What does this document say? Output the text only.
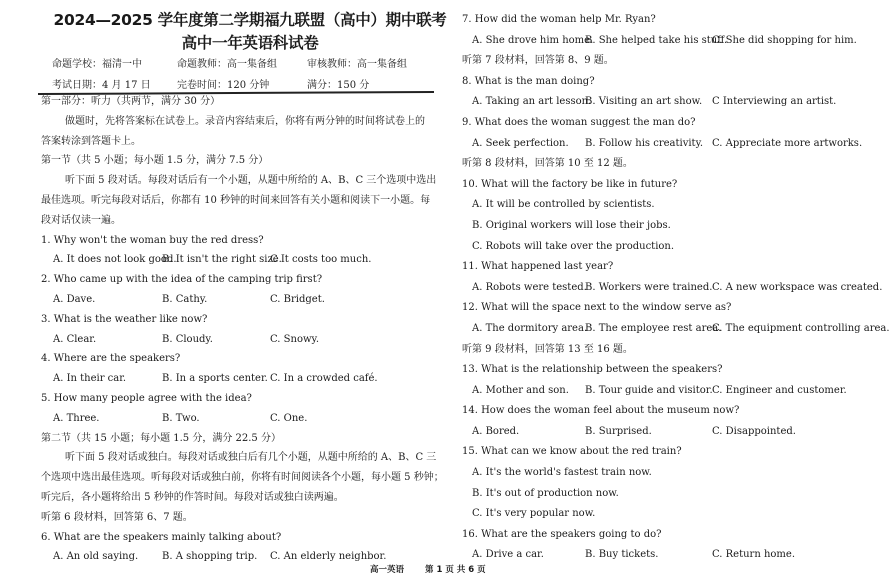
2024—2025 学年度第二学期福九联盟（高中）期中联考
高中一年英语科试卷
命题学校：福清一中	命题教师：高一集备组	审核教师：高一集备组
考试日期：4 月 17 日	完卷时间：120 分钟	满分：150 分
第一部分：听力（共两节，满分 30 分）
做题时，先将答案标在试卷上。录音内容结束后，你将有两分钟的时间将试卷上的
答案转涂到答题卡上。
第一节（共 5 小题；每小题 1.5 分，满分 7.5 分）
听下面 5 段对话。每段对话后有一个小题，从题中所给的 A、B、C 三个选项中选出
最佳选项。听完每段对话后，你都有 10 秒钟的时间来回答有关小题和阅读下一小题。每
段对话仅读一遍。
1. Why won't the woman buy the red dress?
A. It does not look good.
B. It isn't the right size.
C It costs too much.
2. Who came up with the idea of the camping trip first?
A. Dave.	B. Cathy.	C. Bridget.
3. What is the weather like now?
A. Clear.	B. Cloudy.	C. Snowy.
4. Where are the speakers?
A. In their car.	B. In a sports center. C. In a crowded café.
5. How many people agree with the idea?
A. Three.	B. Two.	C. One.
第二节（共 15 小题；每小题 1.5 分，满分 22.5 分）
听下面 5 段对话或独白。每段对话或独白后有几个小题，从题中所给的 A、B、C 三
个选项中选出最佳选项。听每段对话或独白前，你将有时间阅读各个小题，每小题 5 秒钟；
听完后，各小题将给出 5 秒钟的作答时间。每段对话或独白读两遍。
听第 6 段材料，回答第 6、7 题。
6. What are the speakers mainly talking about?
A. An old saying. B. A shopping trip. C. An elderly neighbor.
7. How did the woman help Mr. Ryan?
A. She drove him home.
B. She helped take his stuff.
C. She did shopping for him.
听第 7 段材料，回答第 8、9 题。
8. What is the man doing?
A. Taking an art lesson.
B. Visiting an art show. C Interviewing an artist.
9. What does the woman suggest the man do?
A. Seek perfection. B. Follow his creativity. C. Appreciate more artworks.
听第 8 段材料，回答第 10 至 12 题。
10. What will the factory be like in future?
A. It will be controlled by scientists.
B. Original workers will lose their jobs.
C. Robots will take over the production.
11. What happened last year?
A. Robots were tested.
B. Workers were trained. C. A new workspace was created.
12. What will the space next to the window serve as?
A. The dormitory area.
B. The employee rest area.
C. The equipment controlling area.
听第 9 段材料，回答第 13 至 16 题。
13. What is the relationship between the speakers?
A. Mother and son. B. Tour guide and visitor. C. Engineer and customer.
14. How does the woman feel about the museum now?
A. Bored.	B. Surprised.	C. Disappointed.
15. What can we know about the red train?
A. It's the world's fastest train now.
B. It's out of production now.
C. It's very popular now.
16. What are the speakers going to do?
A. Drive a car.	B. Buy tickets.	C. Return home.
高一英语 第 1 页 共 6 页
